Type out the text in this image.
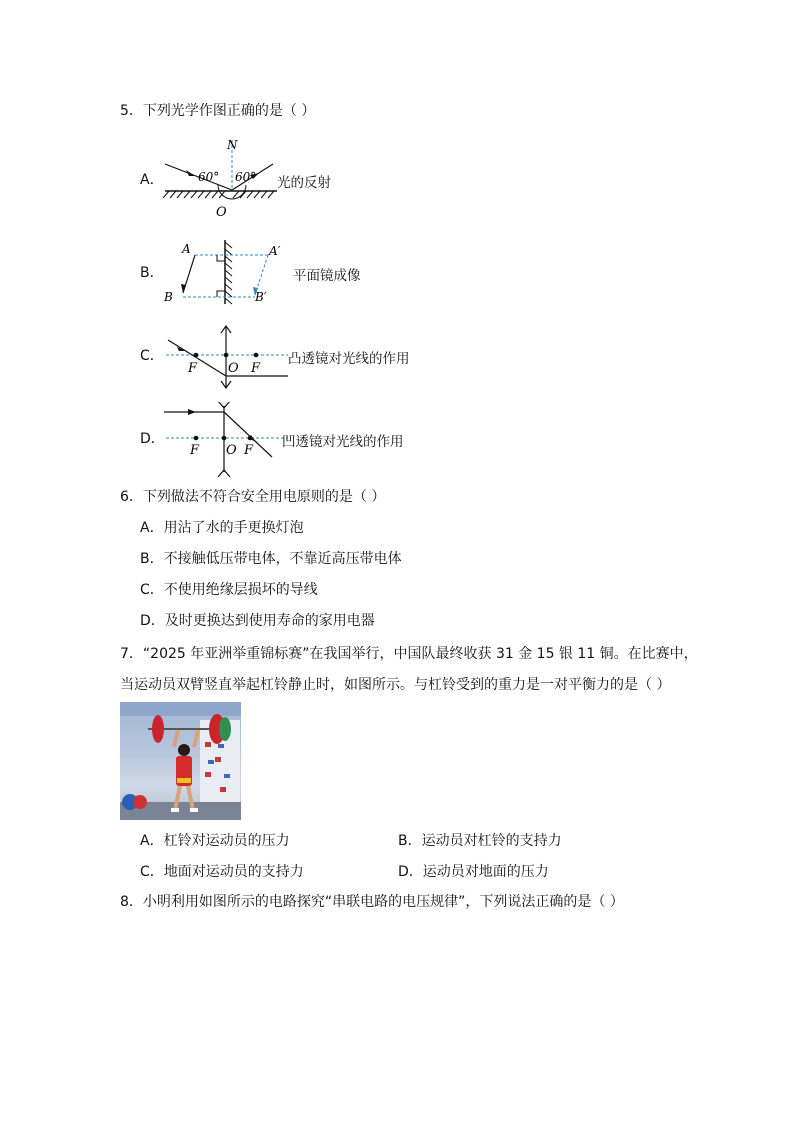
5．下列光学作图正确的是（ ）
A．
N
60° 60°
O
光的反射
B．
A
B
A′
B′
平面镜成像
C．
F O F
凸透镜对光线的作用
D．
F O F
凹透镜对光线的作用
6．下列做法不符合安全用电原则的是（ ）
A．用沾了水的手更换灯泡
B．不接触低压带电体，不靠近高压带电体
C．不使用绝缘层损坏的导线
D．及时更换达到使用寿命的家用电器
7．“2025 年亚洲举重锦标赛”在我国举行，中国队最终收获 31 金 15 银 11 铜。在比赛中，
当运动员双臂竖直举起杠铃静止时，如图所示。与杠铃受到的重力是一对平衡力的是（ ）
A．杠铃对运动员的压力	B．运动员对杠铃的支持力
C．地面对运动员的支持力	D．运动员对地面的压力
8．小明利用如图所示的电路探究“串联电路的电压规律”，下列说法正确的是（ ）
